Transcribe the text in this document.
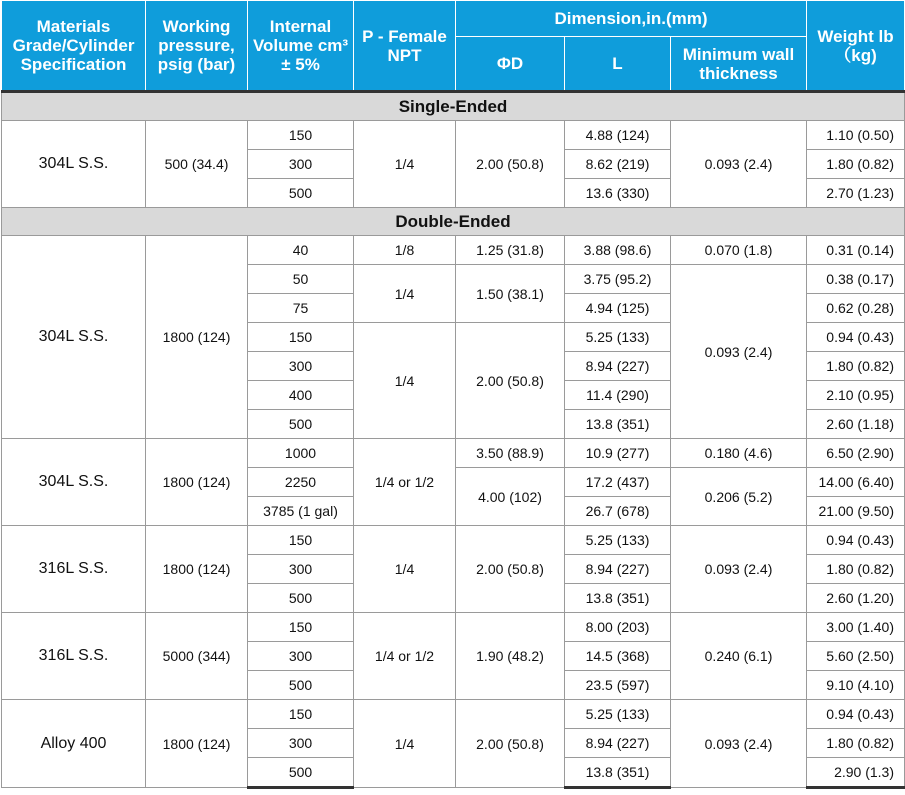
Materials Grade/Cylinder Specification	Working pressure, psig (bar)	Internal Volume cm³ ± 5%	P - Female NPT	Dimension,in.(mm)			Weight lb（kg)
				ΦD	L	Minimum wall thickness	
Single-Ended							
304L S.S.	500 (34.4)	150	1/4	2.00 (50.8)	4.88 (124)	0.093 (2.4)	1.10 (0.50)
		300			8.62 (219)		1.80 (0.82)
		500			13.6 (330)		2.70 (1.23)
Double-Ended							
304L S.S.	1800 (124)	40	1/8	1.25 (31.8)	3.88 (98.6)	0.070 (1.8)	0.31 (0.14)
		50	1/4	1.50 (38.1)	3.75 (95.2)	0.093 (2.4)	0.38 (0.17)
		75			4.94 (125)		0.62 (0.28)
		150	1/4	2.00 (50.8)	5.25 (133)		0.94 (0.43)
		300			8.94 (227)		1.80 (0.82)
		400			11.4 (290)		2.10 (0.95)
		500			13.8 (351)		2.60 (1.18)
304L S.S.	1800 (124)	1000	1/4 or 1/2	3.50 (88.9)	10.9 (277)	0.180 (4.6)	6.50 (2.90)
		2250		4.00 (102)	17.2 (437)	0.206 (5.2)	14.00 (6.40)
		3785 (1 gal)			26.7 (678)		21.00 (9.50)
316L S.S.	1800 (124)	150	1/4	2.00 (50.8)	5.25 (133)	0.093 (2.4)	0.94 (0.43)
		300			8.94 (227)		1.80 (0.82)
		500			13.8 (351)		2.60 (1.20)
316L S.S.	5000 (344)	150	1/4 or 1/2	1.90 (48.2)	8.00 (203)	0.240 (6.1)	3.00 (1.40)
		300			14.5 (368)		5.60 (2.50)
		500			23.5 (597)		9.10 (4.10)
Alloy 400	1800 (124)	150	1/4	2.00 (50.8)	5.25 (133)	0.093 (2.4)	0.94 (0.43)
		300			8.94 (227)		1.80 (0.82)
		500			13.8 (351)		2.90 (1.3)
